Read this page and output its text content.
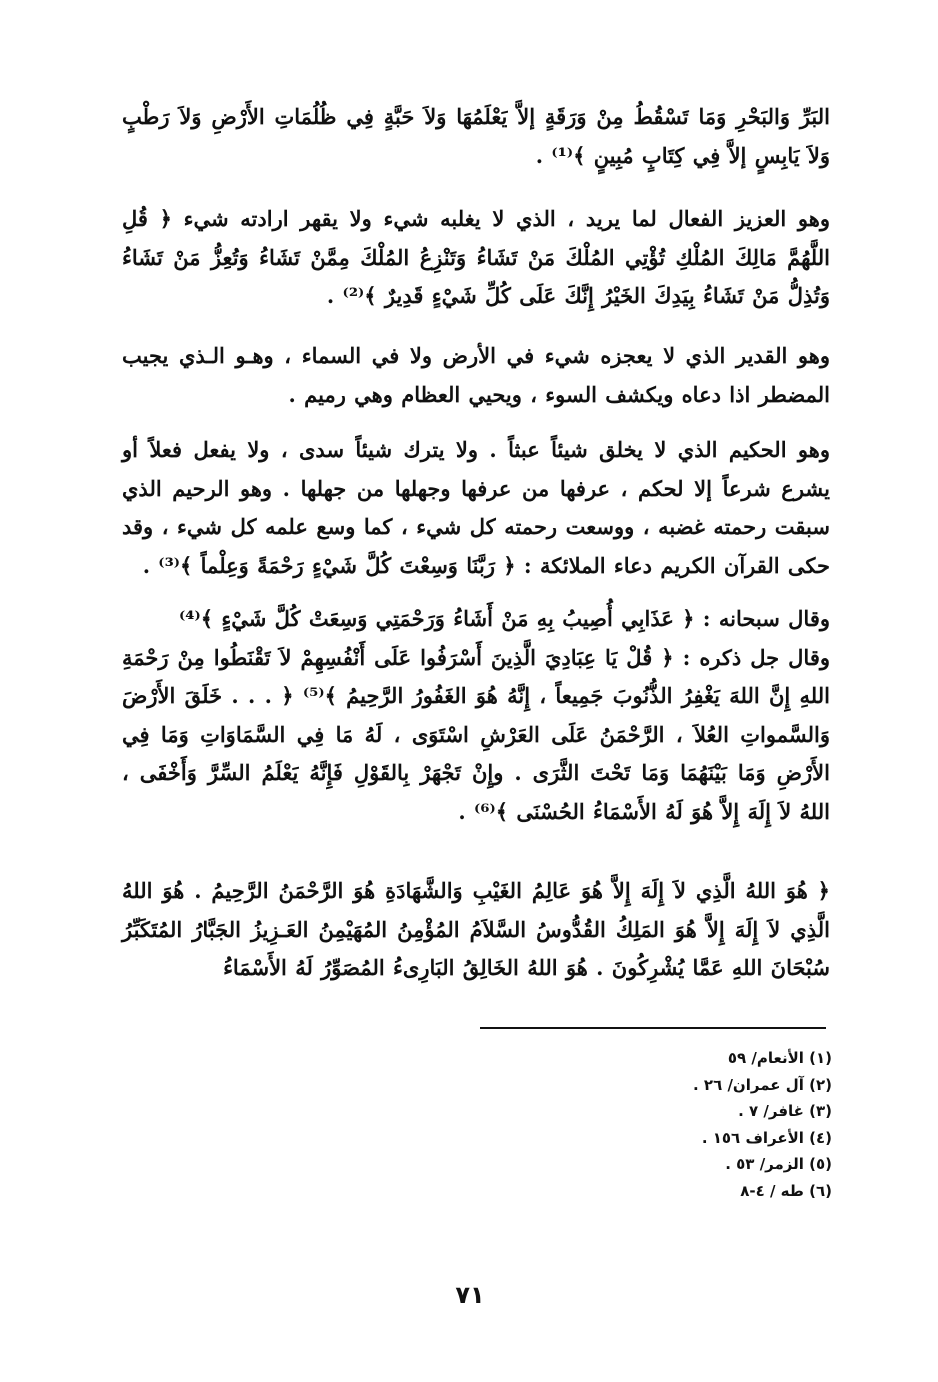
البَرِّ وَالبَحْرِ وَمَا تَسْقُطُ مِنْ وَرَقَةٍ إلاَّ يَعْلَمُهَا وَلاَ حَبَّةٍ فِي ظُلُمَاتِ الأَرْضِ وَلاَ رَطْبٍ وَلاَ يَابِسٍ إلاَّ فِي كِتَابٍ مُبِينٍ ﴾⁽¹⁾ .

وهو العزيز الفعال لما يريد ، الذي لا يغلبه شيء ولا يقهر ارادته شيء ﴿ قُلِ اللَّهُمَّ مَالِكَ المُلْكِ تُؤْتِي المُلْكَ مَنْ تَشَاءُ وَتَنْزِعُ المُلْكَ مِمَّنْ تَشَاءُ وَتُعِزُّ مَنْ تَشَاءُ وَتُذِلُّ مَنْ تَشَاءُ بِيَدِكَ الخَيْرُ إِنَّكَ عَلَى كُلِّ شَيْءٍ قَدِيرٌ ﴾⁽²⁾ .

وهو القدير الذي لا يعجزه شيء في الأرض ولا في السماء ، وهـو الـذي يجيب المضطر اذا دعاه ويكشف السوء ، ويحيي العظام وهي رميم .

وهو الحكيم الذي لا يخلق شيئاً عبثاً . ولا يترك شيئاً سدى ، ولا يفعل فعلاً أو يشرع شرعاً إلا لحكم ، عرفها من عرفها وجهلها من جهلها . وهو الرحيم الذي سبقت رحمته غضبه ، ووسعت رحمته كل شيء ، كما وسع علمه كل شيء ، وقد حكى القرآن الكريم دعاء الملائكة : ﴿ رَبَّنَا وَسِعْتَ كُلَّ شَيْءٍ رَحْمَةً وَعِلْماً ﴾⁽³⁾ .

وقال سبحانه : ﴿ عَذَابِي أُصِيبُ بِهِ مَنْ أَشَاءُ وَرَحْمَتِي وَسِعَتْ كُلَّ شَيْءٍ ﴾⁽⁴⁾
وقال جل ذكره : ﴿ قُلْ يَا عِبَادِيَ الَّذِينَ أَسْرَفُوا عَلَى أَنْفُسِهِمْ لاَ تَقْنَطُوا مِنْ رَحْمَةِ اللهِ إِنَّ اللهَ يَغْفِرُ الذُّنُوبَ جَمِيعاً ، إِنَّهُ هُوَ الغَفُورُ الرَّحِيمُ ﴾⁽⁵⁾ ﴿ . . . خَلَقَ الأَرْضَ وَالسَّمواتِ العُلاَ ، الرَّحْمَنُ عَلَى العَرْشِ اسْتَوَى ، لَهُ مَا فِي السَّمَاوَاتِ وَمَا فِي الأَرْضِ وَمَا بَيْنَهُمَا وَمَا تَحْتَ الثَّرَى . وإِنْ تَجْهَرْ بِالقَوْلِ فَإِنَّهُ يَعْلَمُ السِّرَّ وَأَخْفَى ، اللهُ لاَ إِلَهَ إِلاَّ هُوَ لَهُ الأَسْمَاءُ الحُسْنَى ﴾⁽⁶⁾ .

﴿ هُوَ اللهُ الَّذِي لاَ إِلَهَ إِلاَّ هُوَ عَالِمُ الغَيْبِ وَالشَّهَادَةِ هُوَ الرَّحْمَنُ الرَّحِيمُ . هُوَ اللهُ الَّذِي لاَ إِلَهَ إِلاَّ هُوَ المَلِكُ القُدُّوسُ السَّلاَمُ المُؤْمِنُ المُهَيْمِنُ العَـزِيزُ الجَبَّارُ المُتَكَبِّرُ سُبْحَانَ اللهِ عَمَّا يُشْرِكُونَ . هُوَ اللهُ الخَالِقُ البَارِىءُ المُصَوِّرُ لَهُ الأَسْمَاءُ

(١) الأنعام/ ٥٩
(٢) آل عمران/ ٢٦ .
(٣) غافر/ ٧ .
(٤) الأعراف ١٥٦ .
(٥) الزمر/ ٥٣ .
(٦) طه / ٤-٨
٧١
